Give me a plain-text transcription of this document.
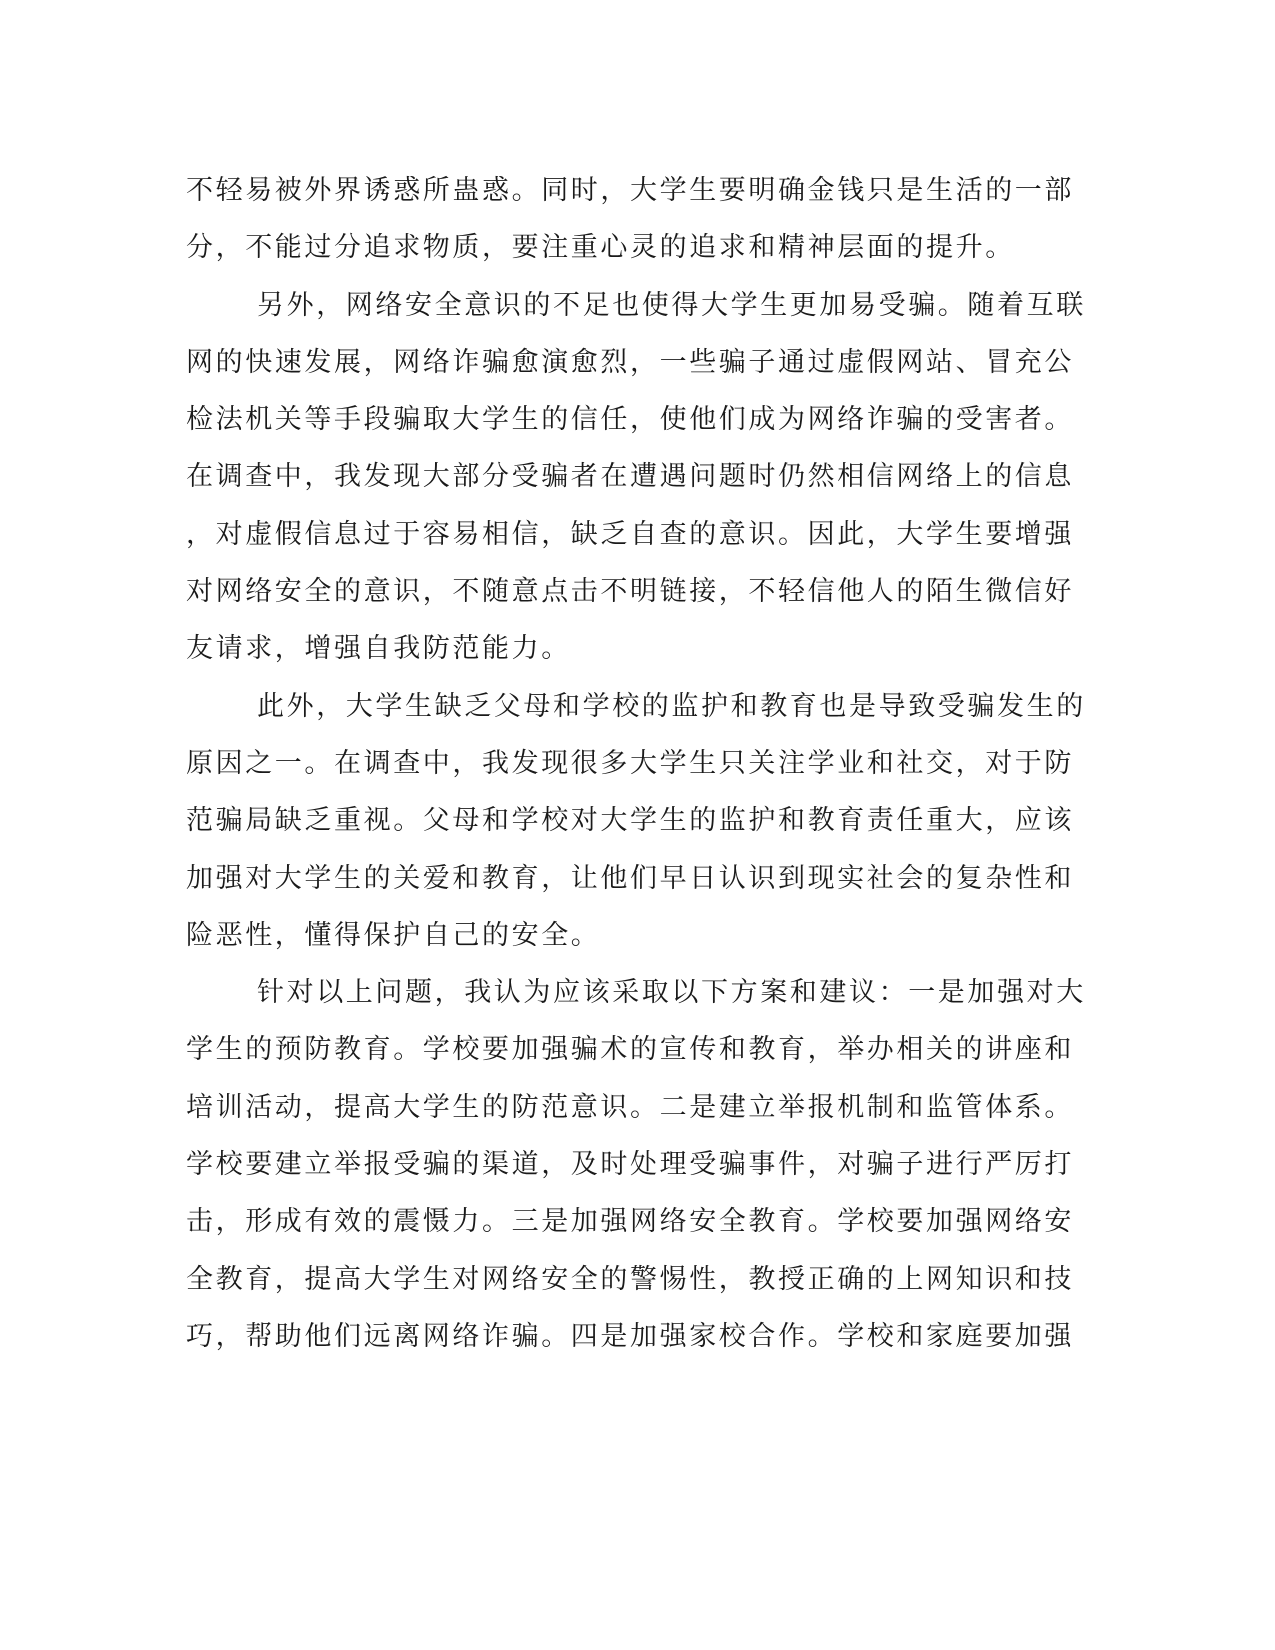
不轻易被外界诱惑所蛊惑。同时，大学生要明确金钱只是生活的一部
分，不能过分追求物质，要注重心灵的追求和精神层面的提升。
另外，网络安全意识的不足也使得大学生更加易受骗。随着互联
网的快速发展，网络诈骗愈演愈烈，一些骗子通过虚假网站、冒充公
检法机关等手段骗取大学生的信任，使他们成为网络诈骗的受害者。
在调查中，我发现大部分受骗者在遭遇问题时仍然相信网络上的信息
，对虚假信息过于容易相信，缺乏自查的意识。因此，大学生要增强
对网络安全的意识，不随意点击不明链接，不轻信他人的陌生微信好
友请求，增强自我防范能力。
此外，大学生缺乏父母和学校的监护和教育也是导致受骗发生的
原因之一。在调查中，我发现很多大学生只关注学业和社交，对于防
范骗局缺乏重视。父母和学校对大学生的监护和教育责任重大，应该
加强对大学生的关爱和教育，让他们早日认识到现实社会的复杂性和
险恶性，懂得保护自己的安全。
针对以上问题，我认为应该采取以下方案和建议：一是加强对大
学生的预防教育。学校要加强骗术的宣传和教育，举办相关的讲座和
培训活动，提高大学生的防范意识。二是建立举报机制和监管体系。
学校要建立举报受骗的渠道，及时处理受骗事件，对骗子进行严厉打
击，形成有效的震慑力。三是加强网络安全教育。学校要加强网络安
全教育，提高大学生对网络安全的警惕性，教授正确的上网知识和技
巧，帮助他们远离网络诈骗。四是加强家校合作。学校和家庭要加强
